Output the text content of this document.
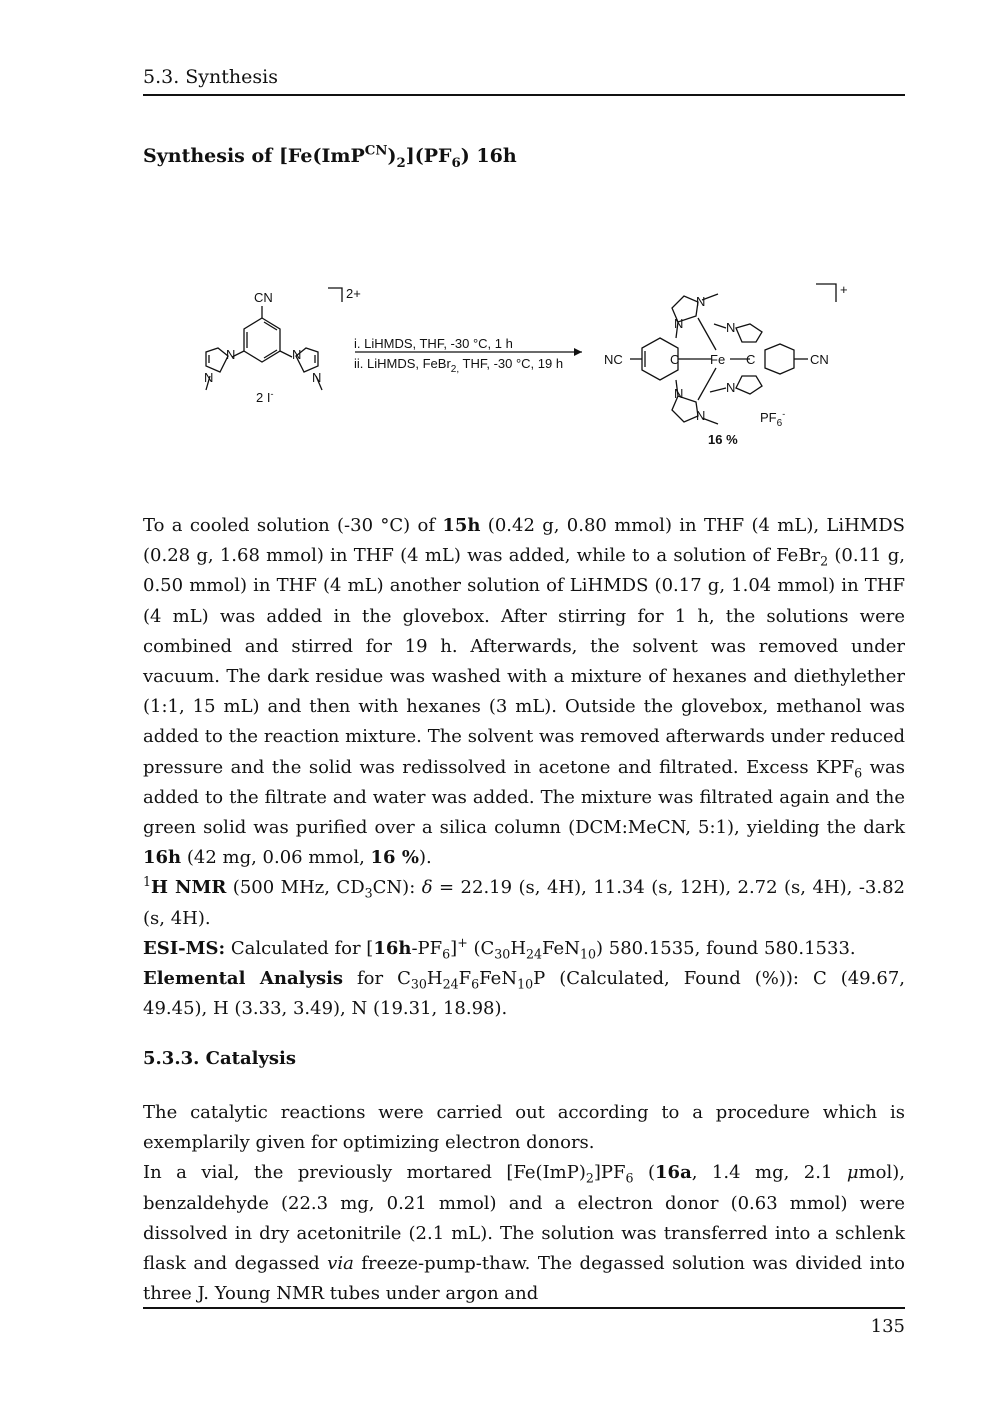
5.3. Synthesis
Synthesis of $[Fe(ImP^{CN})_2](PF_6)$ 16h
CN	2+
N	N
N	N
2 I-
i. LiHMDS, THF, -30 °C, 1 h
ii. LiHMDS, FeBr$_{2,}$ THF, -30 °C, 19 h	NC	C Fe C	CN
N
N
N
N
N
N
+
$PF_6^-$
16 %
To a cooled solution (-30 °C) of 15h (0.42 g, 0.80 mmol) in THF (4 mL), LiHMDS (0.28 g, 1.68 mmol) in THF (4 mL) was added, while to a solution of FeBr$_2$ (0.11 g, 0.50 mmol) in THF (4 mL) another solution of LiHMDS (0.17 g, 1.04 mmol) in THF (4 mL) was added in the glovebox. After stirring for 1 h, the solutions were combined and stirred for 19 h. Afterwards, the solvent was removed under vacuum. The dark residue was washed with a mixture of hexanes and diethylether (1:1, 15 mL) and then with hexanes (3 mL). Outside the glovebox, methanol was added to the reaction mixture. The solvent was removed afterwards under reduced pressure and the solid was redissolved in acetone and filtrated. Excess $KPF_6$ was added to the filtrate and water was added. The mixture was filtrated again and the green solid was purified over a silica column (DCM:MeCN, 5:1), yielding the dark 16h (42 mg, 0.06 mmol, 16 %).
$^1$H NMR (500 MHz, $CD_3CN$): δ = 22.19 (s, 4H), 11.34 (s, 12H), 2.72 (s, 4H), -3.82 (s, 4H).
ESI-MS: Calculated for $[16h-PF_6]^+$ $(C_{30}H_{24}FeN_{10})$ 580.1535, found 580.1533.
Elemental Analysis for $C_{30}H_{24}F_6FeN_{10}P$ (Calculated, Found (%)): C (49.67, 49.45), H (3.33, 3.49), N (19.31, 18.98).
5.3.3. Catalysis
The catalytic reactions were carried out according to a procedure which is exemplarily given for optimizing electron donors.
In a vial, the previously mortared $[Fe(ImP)_2]PF_6$ (16a, 1.4 mg, 2.1 μmol), benzaldehyde (22.3 mg, 0.21 mmol) and a electron donor (0.63 mmol) were dissolved in dry acetonitrile (2.1 mL). The solution was transferred into a schlenk flask and degassed via freeze-pump-thaw. The degassed solution was divided into three J. Young NMR tubes under argon and
135
